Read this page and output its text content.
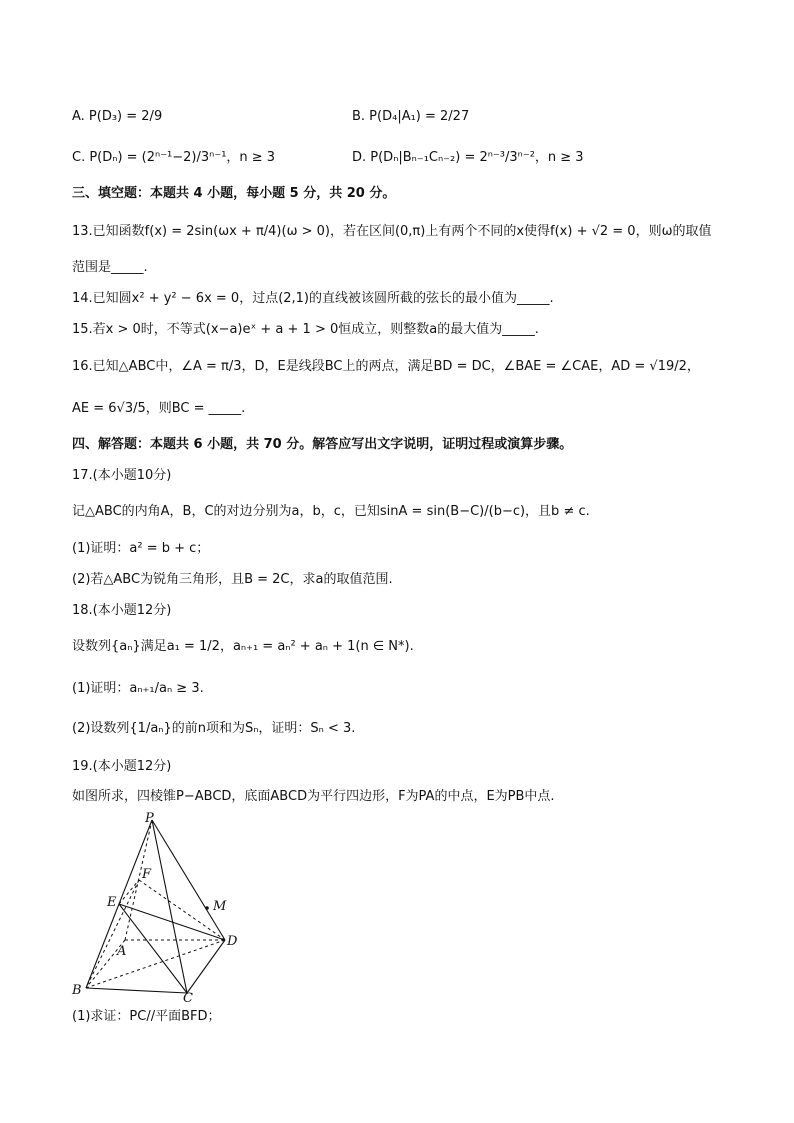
A. P(D₃) = 2/9	B. P(D₄|A₁) = 2/27
C. P(Dₙ) = (2ⁿ⁻¹−2)/3ⁿ⁻¹，n ≥ 3	D. P(Dₙ|Bₙ₋₁Cₙ₋₂) = 2ⁿ⁻³/3ⁿ⁻²，n ≥ 3
三、填空题：本题共 4 小题，每小题 5 分，共 20 分。
13.已知函数f(x) = 2sin(ωx + π/4)(ω > 0)，若在区间(0,π)上有两个不同的x使得f(x) + √2 = 0，则ω的取值
范围是_____.
14.已知圆x² + y² − 6x = 0，过点(2,1)的直线被该圆所截的弦长的最小值为_____.
15.若x > 0时，不等式(x−a)eˣ + a + 1 > 0恒成立，则整数a的最大值为_____.
16.已知△ABC中，∠A = π/3，D，E是线段BC上的两点，满足BD = DC，∠BAE = ∠CAE，AD = √19/2，
AE = 6√3/5，则BC = _____.
四、解答题：本题共 6 小题，共 70 分。解答应写出文字说明，证明过程或演算步骤。
17.(本小题10分)
记△ABC的内角A，B，C的对边分别为a，b，c，已知sinA = sin(B−C)/(b−c)，且b ≠ c.
(1)证明：a² = b + c；
(2)若△ABC为锐角三角形，且B = 2C，求a的取值范围.
18.(本小题12分)
设数列{aₙ}满足a₁ = 1/2，aₙ₊₁ = aₙ² + aₙ + 1(n ∈ N*).
(1)证明：aₙ₊₁/aₙ ≥ 3.
(2)设数列{1/aₙ}的前n项和为Sₙ，证明：Sₙ < 3.
19.(本小题12分)
如图所求，四棱锥P−ABCD，底面ABCD为平行四边形，F为PA的中点，E为PB中点.
P
F
E	M
A
D
B
C
(1)求证：PC//平面BFD；
